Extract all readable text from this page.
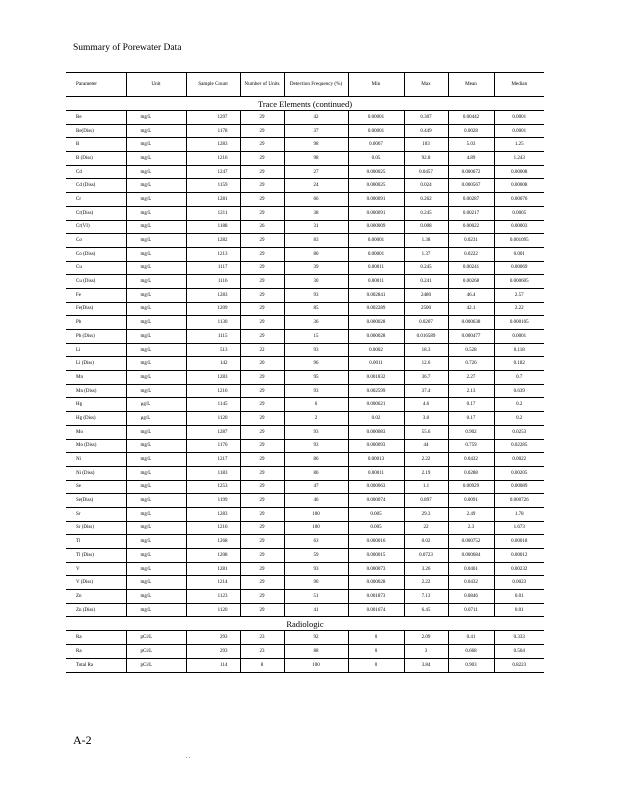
Summary of Porewater Data
Parameter	Unit	Sample Count	Number of Units	Detection Frequency (%)	Min	Max	Mean	Median
Trace Elements (continued)								
Be	mg/L	1297	29	42	0.00001	0.307	0.00442	0.0001
Be(Diss)	mg/L	1178	29	37	0.00001	0.449	0.0028	0.0001
B	mg/L	1283	29	98	0.0067	103	5.03	1.25
B (Diss)	mg/L	1216	29	98	0.05	92.8	4.89	1.243
Cd	mg/L	1247	29	27	0.000025	0.0457	0.000672	0.00008
Cd (Diss)	mg/L	1159	29	24	0.000025	0.024	0.000567	0.00008
Cr	mg/L	1281	29	66	0.000091	0.262	0.00287	0.00076
Cr(Diss)	mg/L	1211	29	38	0.000091	0.245	0.00217	0.0005
Cr(VI)	mg/L	1188	26	31	0.000009	0.008	0.00022	0.00003
Co	mg/L	1282	29	83	0.00001	1.38	0.0231	0.001095
Co (Diss)	mg/L	1213	29	80	0.00001	1.37	0.0222	0.001
Cu	mg/L	1117	29	39	0.00011	0.245	0.00241	0.00069
Cu (Diss)	mg/L	1116	29	30	0.00011	0.241	0.00268	0.000605
Fe	mg/L	1283	29	93	0.002841	2480	46.4	2.57
Fe(Diss)	mg/L	1209	29	85	0.002289	2500	42.1	2.22
Pb	mg/L	1130	29	36	0.000028	0.0207	0.000638	0.000105
Pb (Diss)	mg/L	1115	29	15	0.000028	0.016589	0.000477	0.0001
Li	mg/L	513	22	93	0.0002	18.3	0.528	0.118
Li (Diss)	mg/L	142	20	96	0.0011	12.6	0.726	0.182
Mn	mg/L	1283	29	95	0.001832	36.7	2.27	0.7
Mn (Diss)	mg/L	1216	29	93	0.002599	37.4	2.13	0.639
Hg	µg/L	1145	29	6	0.000621	4.6	0.17	0.2
Hg (Diss)	µg/L	1120	29	2	0.02	3.0	0.17	0.2
Mo	mg/L	1287	29	93	0.000083	55.6	0.902	0.0253
Mo (Diss)	mg/L	1176	29	93	0.000093	44	0.759	0.02285
Ni	mg/L	1217	29	86	0.00013	2.22	0.0432	0.0022
Ni (Diss)	mg/L	1183	29	86	0.00011	2.19	0.0288	0.00205
Se	mg/L	1253	29	47	0.000063	1.1	0.00929	0.00089
Se(Diss)	mg/L	1199	29	46	0.000074	0.897	0.0091	0.000726
Sr	mg/L	1283	29	100	0.005	29.3	2.49	1.78
Sr (Diss)	mg/L	1216	29	100	0.005	22	2.3	1.673
Tl	mg/L	1268	29	63	0.000016	0.02	0.000752	0.00018
Tl (Diss)	mg/L	1208	29	59	0.000015	0.0723	0.000684	0.00012
V	mg/L	1281	29	93	0.000073	3.26	0.0461	0.00232
V (Diss)	mg/L	1214	29	90	0.000028	2.22	0.0432	0.0023
Zn	mg/L	1123	29	51	0.001873	7.13	0.0846	0.01
Zn (Diss)	mg/L	1120	29	41	0.001674	6.45	0.0711	0.01
Radiologic								
Ra	pCi/L	293	23	92	0	2.09	0.41	0.333
Ra	pCi/L	293	23	88	0	3	0.668	0.564
Total Ra	pCi/L	114	8	100	0	3.84	0.903	0.8223
A-2
. .
